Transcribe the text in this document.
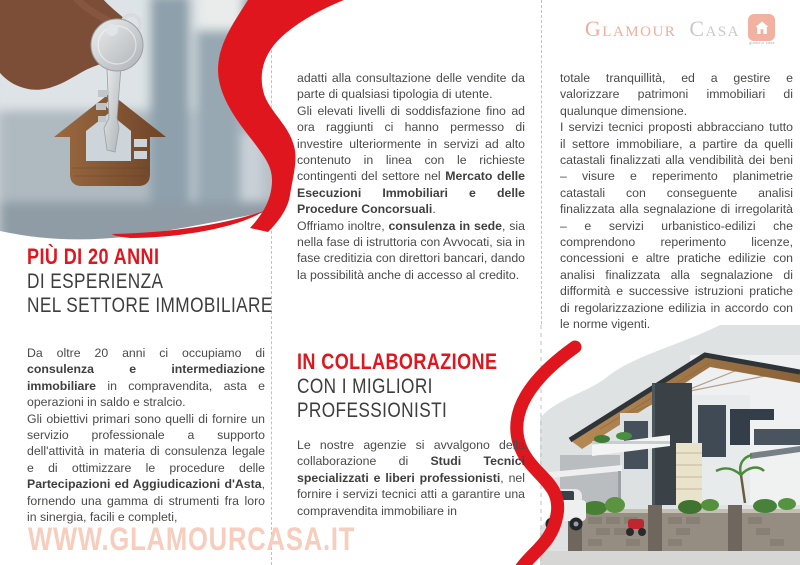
Glamour Casa
glamour casa
PIÙ DI 20 ANNI
DI ESPERIENZA
NEL SETTORE IMMOBILIARE

Da oltre 20 anni ci occupiamo di consulenza e intermediazione immobiliare in compravendita, asta e operazioni in saldo e stralcio.

Gli obiettivi primari sono quelli di fornire un servizio professionale a supporto dell'attività in materia di consulenza legale e di ottimizzare le procedure delle Partecipazioni ed Aggiudicazioni d'Asta, fornendo una gamma di strumenti fra loro in sinergia, facili e completi,

adatti alla consultazione delle vendite da parte di qualsiasi tipologia di utente.

Gli elevati livelli di soddisfazione fino ad ora raggiunti ci hanno permesso di investire ulteriormente in servizi ad alto contenuto in linea con le richieste contingenti del settore nel Mercato delle Esecuzioni Immobiliari e delle Procedure Concorsuali.

Offriamo inoltre, consulenza in sede, sia nella fase di istruttoria con Avvocati, sia in fase creditizia con direttori bancari, dando la possibilità anche di accesso al credito.

IN COLLABORAZIONE
CON I MIGLIORI
PROFESSIONISTI

Le nostre agenzie si avvalgono della collaborazione di Studi Tecnici specializzati e liberi professionisti, nel fornire i servizi tecnici atti a garantire una compravendita immobiliare in

totale tranquillità, ed a gestire e valorizzare patrimoni immobiliari di qualunque dimensione.

I servizi tecnici proposti abbracciano tutto il settore immobiliare, a partire da quelli catastali finalizzati alla vendibilità dei beni – visure e reperimento planimetrie catastali con conseguente analisi finalizzata alla segnalazione di irregolarità – e servizi urbanistico-edilizi che comprendono reperimento licenze, concessioni e altre pratiche edilizie con analisi finalizzata alla segnalazione di difformità e successive istruzioni pratiche di regolarizzazione edilizia in accordo con le norme vigenti.

WWW.GLAMOURCASA.IT
